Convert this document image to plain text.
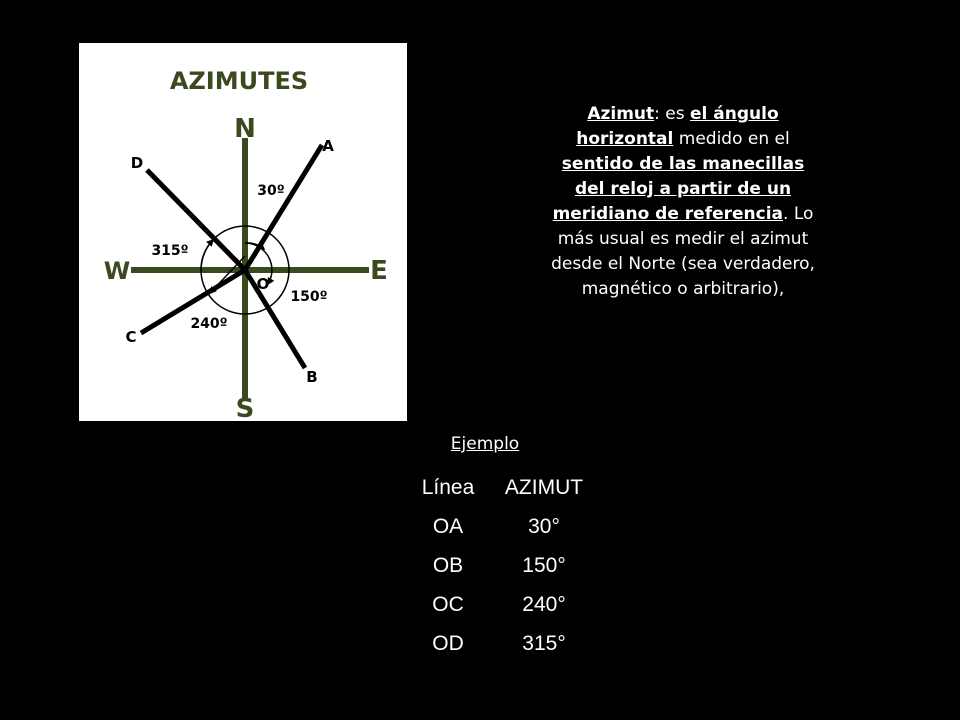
AZIMUTES
N
S
E
W	O
A
B
C
D
30º
150º
240º
315º
Azimut: es el ángulo horizontal medido en el sentido de las manecillas del reloj a partir de un meridiano de referencia. Lo más usual es medir el azimut desde el Norte (sea verdadero, magnético o arbitrario),
Ejemplo
Línea	AZIMUT
OA	30°
OB	150°
OC	240°
OD	315°
